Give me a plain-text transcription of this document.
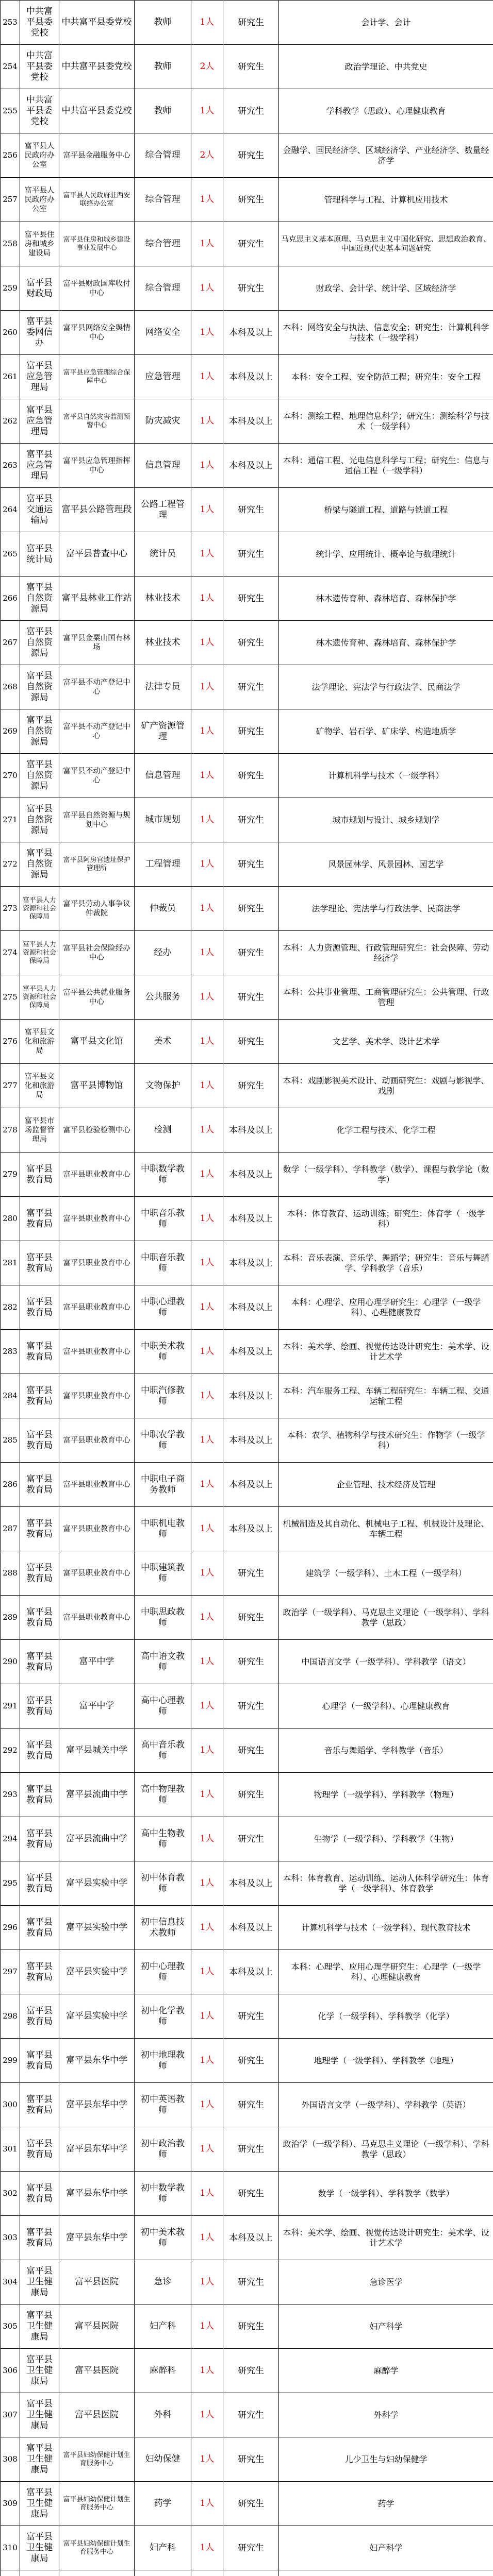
253	中共富平县委党校	中共富平县委党校	教师	1人	研究生	会计学、会计
254	中共富平县委党校	中共富平县委党校	教师	2人	研究生	政治学理论、中共党史
255	中共富平县委党校	中共富平县委党校	教师	1人	研究生	学科教学（思政）、心理健康教育
256	富平县人民政府办公室	富平县金融服务中心	综合管理	2人	研究生	金融学、国民经济学、区域经济学、产业经济学、数量经济学
257	富平县人民政府办公室	富平县人民政府驻西安联络办公室	综合管理	1人	研究生	管理科学与工程、计算机应用技术
258	富平县住房和城乡建设局	富平县住房和城乡建设事业发展中心	综合管理	1人	研究生	马克思主义基本原理、马克思主义中国化研究、思想政治教育、中国近现代史基本问题研究
259	富平县财政局	富平县财政国库收付中心	综合管理	1人	研究生	财政学、会计学、统计学、区域经济学
260	富平县委网信办	富平县网络安全舆情中心	网络安全	1人	本科及以上	本科：网络安全与执法、信息安全；研究生：计算机科学与技术（一级学科）
261	富平县应急管理局	富平县应急管理综合保障中心	应急管理	1人	本科及以上	本科：安全工程、安全防范工程；研究生：安全工程
262	富平县应急管理局	富平县自然灾害监测预警中心	防灾减灾	1人	本科及以上	本科：测绘工程、地理信息科学；研究生：测绘科学与技术（一级学科）
263	富平县应急管理局	富平县应急管理指挥中心	信息管理	1人	本科及以上	本科：通信工程、光电信息科学与工程；研究生：信息与通信工程（一级学科）
264	富平县交通运输局	富平县公路管理段	公路工程管理	1人	研究生	桥梁与隧道工程、道路与铁道工程
265	富平县统计局	富平县普查中心	统计员	1人	研究生	统计学、应用统计、概率论与数理统计
266	富平县自然资源局	富平县林业工作站	林业技术	1人	研究生	林木遗传育种、森林培育、森林保护学
267	富平县自然资源局	富平县金粟山国有林场	林业技术	1人	研究生	林木遗传育种、森林培育、森林保护学
268	富平县自然资源局	富平县不动产登记中心	法律专员	1人	研究生	法学理论、宪法学与行政法学、民商法学
269	富平县自然资源局	富平县不动产登记中心	矿产资源管理	1人	研究生	矿物学、岩石学、矿床学、构造地质学
270	富平县自然资源局	富平县不动产登记中心	信息管理	1人	研究生	计算机科学与技术（一级学科）
271	富平县自然资源局	富平县自然资源与规划中心	城市规划	1人	研究生	城市规划与设计、城乡规划学
272	富平县自然资源局	富平县阿房宫遗址保护管理所	工程管理	1人	研究生	风景园林学、风景园林、园艺学
273	富平县人力资源和社会保障局	富平县劳动人事争议仲裁院	仲裁员	1人	研究生	法学理论、宪法学与行政法学、民商法学
274	富平县人力资源和社会保障局	富平县社会保险经办中心	经办	1人	研究生	本科：人力资源管理、行政管理研究生：社会保障、劳动经济学
275	富平县人力资源和社会保障局	富平县公共就业服务中心	公共服务	1人	研究生	本科：公共事业管理、工商管理研究生：公共管理、行政管理
276	富平县文化和旅游局	富平县文化馆	美术	1人	研究生	文艺学、美术学、设计艺术学
277	富平县文化和旅游局	富平县博物馆	文物保护	1人	研究生	本科：戏剧影视美术设计、动画研究生：戏剧与影视学、戏剧
278	富平县市场监督管理局	富平县检验检测中心	检测	1人	本科及以上	化学工程与技术、化学工程
279	富平县教育局	富平县职业教育中心	中职数学教师	1人	本科及以上	数学（一级学科）、学科教学（数学）、课程与教学论（数学）
280	富平县教育局	富平县职业教育中心	中职音乐教师	1人	本科及以上	本科：体育教育、运动训练；研究生：体育学（一级学科）
281	富平县教育局	富平县职业教育中心	中职音乐教师	1人	本科及以上	本科：音乐表演、音乐学、舞蹈学；研究生：音乐与舞蹈学、学科教学（音乐）
282	富平县教育局	富平县职业教育中心	中职心理教师	1人	本科及以上	本科：心理学、应用心理学研究生：心理学（一级学科）、心理健康教育
283	富平县教育局	富平县职业教育中心	中职美术教师	1人	本科及以上	本科：美术学、绘画、视觉传达设计研究生：美术学、设计艺术学
284	富平县教育局	富平县职业教育中心	中职汽修教师	1人	本科及以上	本科：汽车服务工程、车辆工程研究生：车辆工程、交通运输工程
285	富平县教育局	富平县职业教育中心	中职农学教师	1人	本科及以上	本科：农学、植物科学与技术研究生：作物学（一级学科）
286	富平县教育局	富平县职业教育中心	中职电子商务教师	1人	本科及以上	企业管理、技术经济及管理
287	富平县教育局	富平县职业教育中心	中职机电教师	1人	本科及以上	机械制造及其自动化、机械电子工程、机械设计及理论、车辆工程
288	富平县教育局	富平县职业教育中心	中职建筑教师	1人	研究生	建筑学（一级学科）、土木工程（一级学科）
289	富平县教育局	富平县职业教育中心	中职思政教师	1人	研究生	政治学（一级学科）、马克思主义理论（一级学科）、学科教学（思政）
290	富平县教育局	富平中学	高中语文教师	1人	研究生	中国语言文学（一级学科）、学科教学（语文）
291	富平县教育局	富平中学	高中心理教师	1人	研究生	心理学（一级学科）、心理健康教育
292	富平县教育局	富平县城关中学	高中音乐教师	1人	研究生	音乐与舞蹈学、学科教学（音乐）
293	富平县教育局	富平县流曲中学	高中物理教师	1人	研究生	物理学（一级学科）、学科教学（物理）
294	富平县教育局	富平县流曲中学	高中生物教师	1人	研究生	生物学（一级学科）、学科教学（生物）
295	富平县教育局	富平县实验中学	初中体育教师	1人	本科及以上	本科：体育教育、运动训练、运动人体科学研究生：体育学（一级学科）、体育教学
296	富平县教育局	富平县实验中学	初中信息技术教师	1人	本科及以上	计算机科学与技术（一级学科）、现代教育技术
297	富平县教育局	富平县实验中学	初中心理教师	1人	本科及以上	本科：心理学、应用心理学研究生：心理学（一级学科）、心理健康教育
298	富平县教育局	富平县实验中学	初中化学教师	1人	研究生	化学（一级学科）、学科教学（化学）
299	富平县教育局	富平县东华中学	初中地理教师	1人	研究生	地理学（一级学科）、学科教学（地理）
300	富平县教育局	富平县东华中学	初中英语教师	1人	研究生	外国语言文学（一级学科）、学科教学（英语）
301	富平县教育局	富平县东华中学	初中政治教师	1人	研究生	政治学（一级学科）、马克思主义理论（一级学科）、学科教学（思政）
302	富平县教育局	富平县东华中学	初中数学教师	1人	研究生	数学（一级学科）、学科教学（数学）
303	富平县教育局	富平县东华中学	初中美术教师	1人	本科及以上	本科：美术学、绘画、视觉传达设计研究生：美术学、设计艺术学
304	富平县卫生健康局	富平县医院	急诊	1人	研究生	急诊医学
305	富平县卫生健康局	富平县医院	妇产科	1人	研究生	妇产科学
306	富平县卫生健康局	富平县医院	麻醉科	1人	研究生	麻醉学
307	富平县卫生健康局	富平县医院	外科	1人	研究生	外科学
308	富平县卫生健康局	富平县妇幼保健计划生育服务中心	妇幼保健	1人	研究生	儿少卫生与妇幼保健学
309	富平县卫生健康局	富平县妇幼保健计划生育服务中心	药学	1人	研究生	药学
310	富平县卫生健康局	富平县妇幼保健计划生育服务中心	妇产科	1人	研究生	妇产科学
